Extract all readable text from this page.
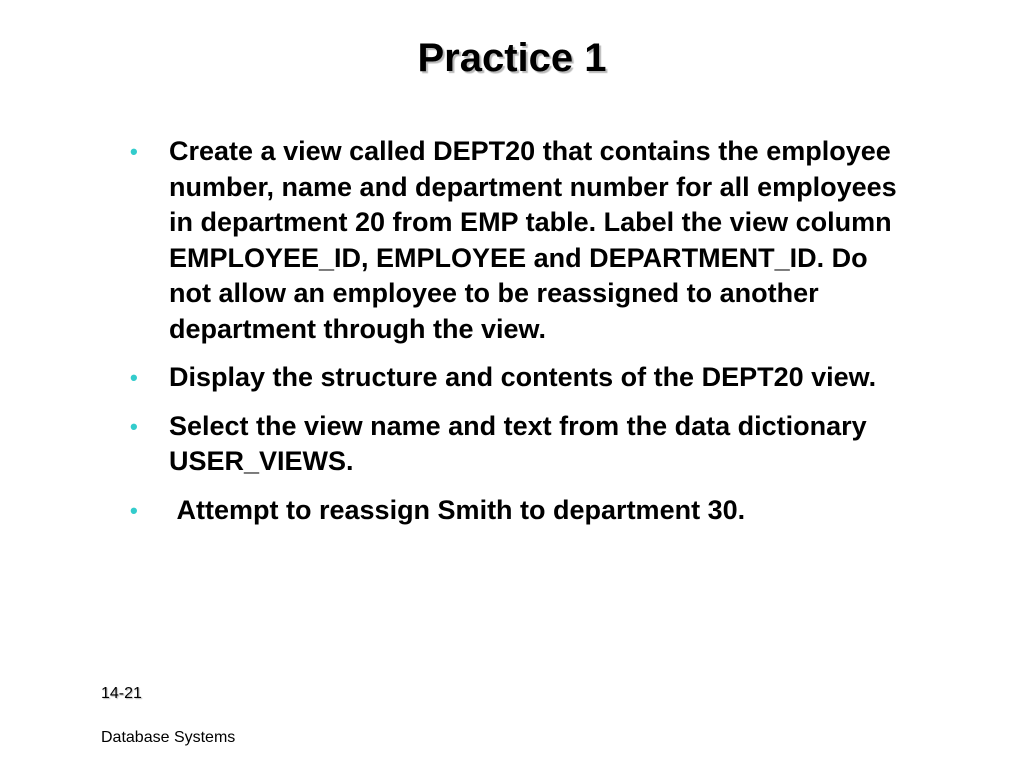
Practice 1
• Create a view called DEPT20 that contains the employee number, name and department number for all employees in department 20 from EMP table. Label the view column EMPLOYEE_ID, EMPLOYEE and DEPARTMENT_ID. Do not allow an employee to be reassigned to another department through the view.
• Display the structure and contents of the DEPT20 view.
• Select the view name and text from the data dictionary USER_VIEWS.
• Attempt to reassign Smith to department 30.
14-21
Database Systems
